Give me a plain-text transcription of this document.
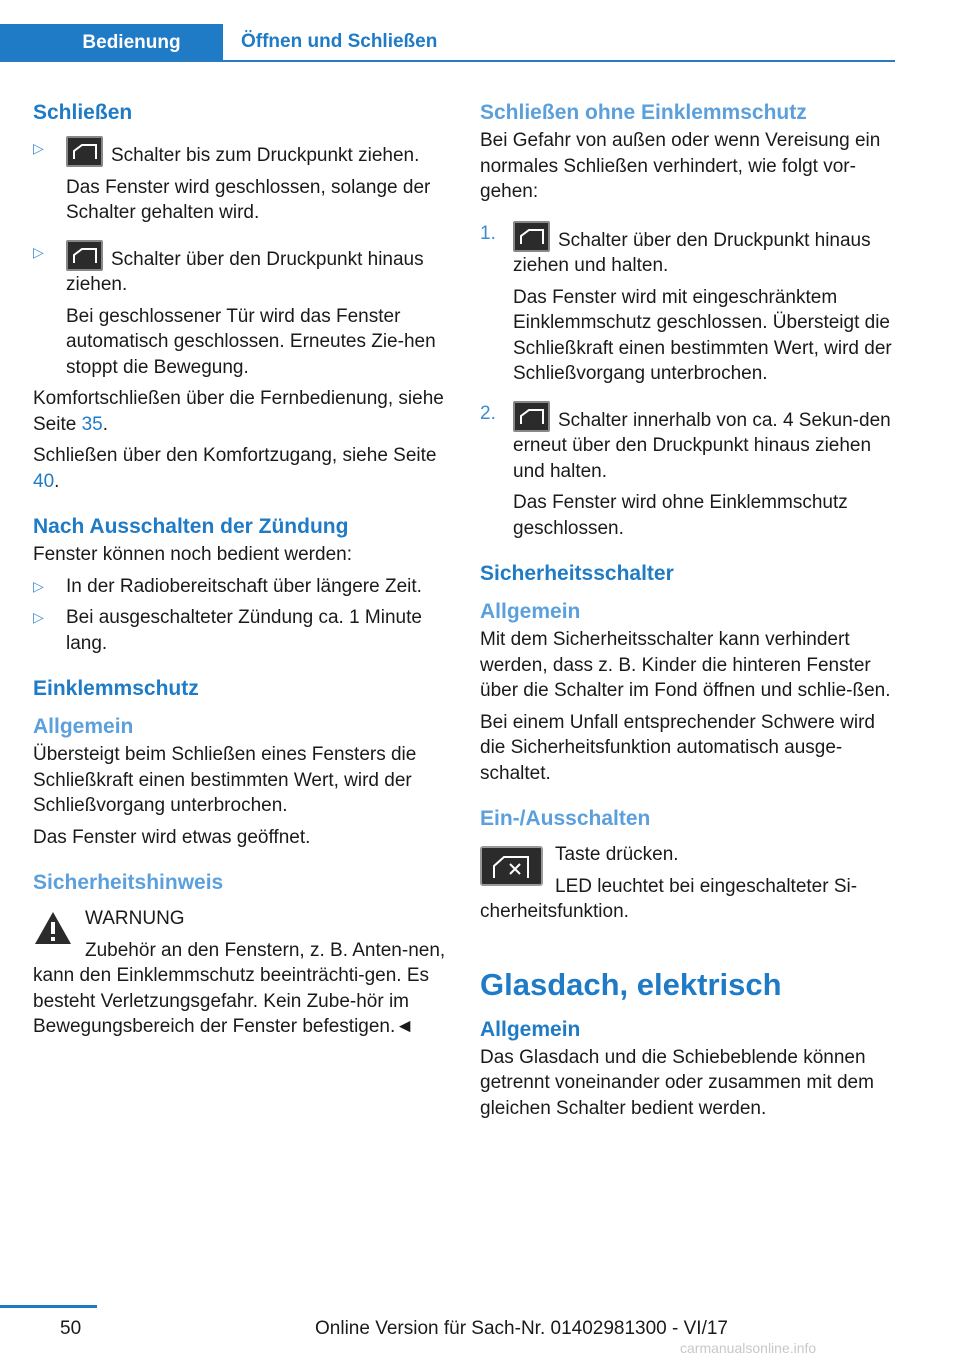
Bedienung	Öffnen und Schließen
Schließen
▷	Schalter bis zum Druckpunkt ziehen.

Das Fenster wird geschlossen, solange der Schalter gehalten wird.

▷	Schalter über den Druckpunkt hinaus ziehen.

Bei geschlossener Tür wird das Fenster automatisch geschlossen. Erneutes Zie-hen stoppt die Bewegung.

Komfortschließen über die Fernbedienung, siehe Seite 35.

Schließen über den Komfortzugang, siehe Seite 40.

Nach Ausschalten der Zündung

Fenster können noch bedient werden:

▷ In der Radiobereitschaft über längere Zeit.

▷ Bei ausgeschalteter Zündung ca. 1 Minute lang.

Einklemmschutz
Allgemein

Übersteigt beim Schließen eines Fensters die Schließkraft einen bestimmten Wert, wird der Schließvorgang unterbrochen.

Das Fenster wird etwas geöffnet.

Sicherheitshinweis

WARNUNG

Zubehör an den Fenstern, z. B. Anten-nen, kann den Einklemmschutz beeinträchti-gen. Es besteht Verletzungsgefahr. Kein Zube-hör im Bewegungsbereich der Fenster befestigen.◄

Schließen ohne Einklemmschutz

Bei Gefahr von außen oder wenn Vereisung ein normales Schließen verhindert, wie folgt vor-gehen:

1.	Schalter über den Druckpunkt hinaus ziehen und halten.

Das Fenster wird mit eingeschränktem Einklemmschutz geschlossen. Übersteigt die Schließkraft einen bestimmten Wert, wird der Schließvorgang unterbrochen.

2.	Schalter innerhalb von ca. 4 Sekun-den erneut über den Druckpunkt hinaus ziehen und halten.

Das Fenster wird ohne Einklemmschutz geschlossen.

Sicherheitsschalter
Allgemein

Mit dem Sicherheitsschalter kann verhindert werden, dass z. B. Kinder die hinteren Fenster über die Schalter im Fond öffnen und schlie-ßen.

Bei einem Unfall entsprechender Schwere wird die Sicherheitsfunktion automatisch ausge-schaltet.

Ein-/Ausschalten

Taste drücken.

LED leuchtet bei eingeschalteter Si-cherheitsfunktion.

Glasdach, elektrisch
Allgemein

Das Glasdach und die Schiebeblende können getrennt voneinander oder zusammen mit dem gleichen Schalter bedient werden.

50	Online Version für Sach-Nr. 01402981300 - VI/17
carmanualsonline.info
